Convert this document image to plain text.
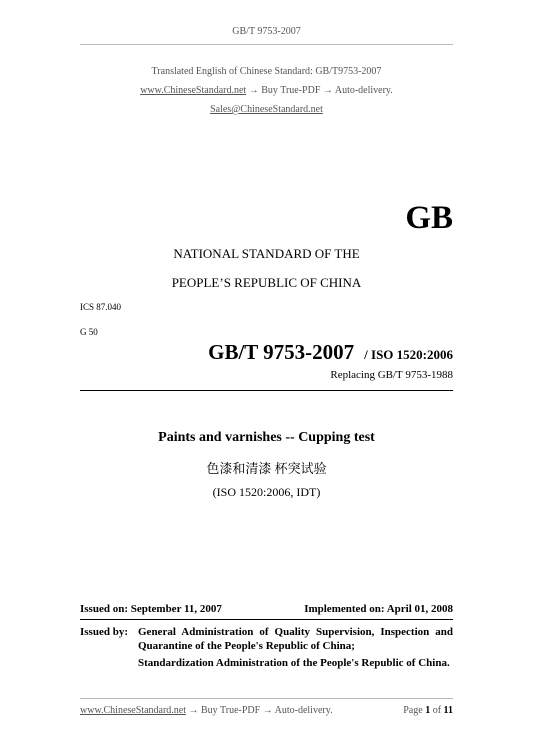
GB/T 9753-2007
Translated English of Chinese Standard: GB/T9753-2007
www.ChineseStandard.net → Buy True-PDF → Auto-delivery.
Sales@ChineseStandard.net
GB
NATIONAL STANDARD OF THE
PEOPLE’S REPUBLIC OF CHINA
ICS 87.040
G 50
GB/T 9753-2007 / ISO 1520:2006
Replacing GB/T 9753-1988
Paints and varnishes -- Cupping test
色漆和清漆 杯突试验
(ISO 1520:2006, IDT)
Issued on: September 11, 2007	Implemented on: April 01, 2008
Issued by: General Administration of Quality Supervision, Inspection and
Quarantine of the People's Republic of China;
Standardization Administration of the People's Republic of China.
www.ChineseStandard.net → Buy True-PDF → Auto-delivery.	Page 1 of 11
